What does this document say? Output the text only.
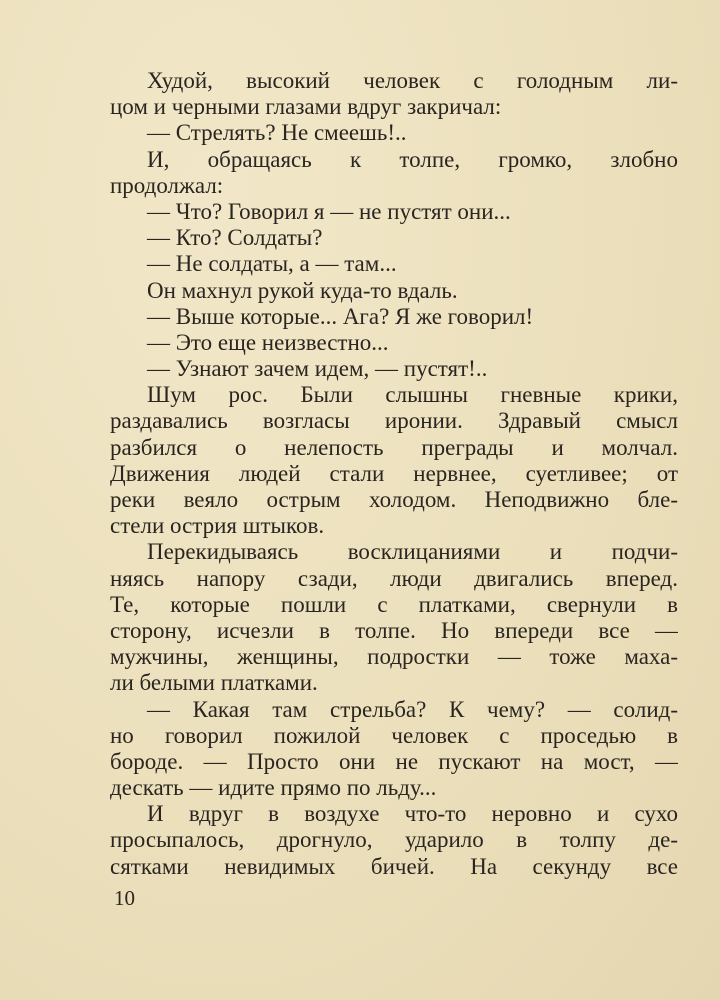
Худой, высокий человек с голодным ли-
цом и черными глазами вдруг закричал:
— Стрелять? Не смеешь!..
И, обращаясь к толпе, громко, злобно
продолжал:
— Что? Говорил я — не пустят они...
— Кто? Солдаты?
— Не солдаты, а — там...
Он махнул рукой куда-то вдаль.
— Выше которые... Ага? Я же говорил!
— Это еще неизвестно...
— Узнают зачем идем, — пустят!..
Шум рос. Были слышны гневные крики,
раздавались возгласы иронии. Здравый смысл
разбился о нелепость преграды и молчал.
Движения людей стали нервнее, суетливее; от
реки веяло острым холодом. Неподвижно бле-
стели острия штыков.
Перекидываясь восклицаниями и подчи-
няясь напору сзади, люди двигались вперед.
Те, которые пошли с платками, свернули в
сторону, исчезли в толпе. Но впереди все —
мужчины, женщины, подростки — тоже маха-
ли белыми платками.
— Какая там стрельба? К чему? — солид-
но говорил пожилой человек с проседью в
бороде. — Просто они не пускают на мост, —
дескать — идите прямо по льду...
И вдруг в воздухе что-то неровно и сухо
просыпалось, дрогнуло, ударило в толпу де-
сятками невидимых бичей. На секунду все
10
